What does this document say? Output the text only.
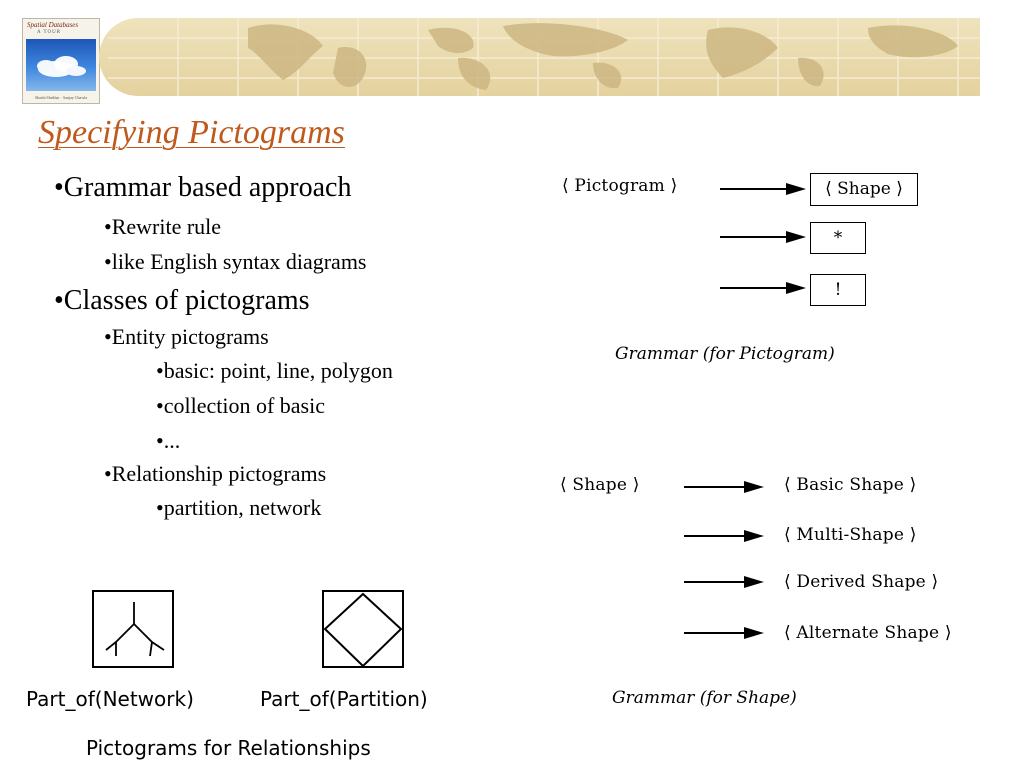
Spatial Databases
A TOUR
Shashi Shekhar · Sanjay Chawla
Specifying Pictograms
•Grammar based approach
•Rewrite rule
•like English syntax diagrams
•Classes of pictograms
•Entity pictograms
•basic: point, line, polygon
•collection of basic
•...
•Relationship pictograms
•partition, network
⟨ Pictogram ⟩	⟨ Shape ⟩
*
!
Grammar (for Pictogram)
⟨ Shape ⟩	⟨ Basic Shape ⟩
⟨ Multi-Shape ⟩
⟨ Derived Shape ⟩
⟨ Alternate Shape ⟩
Grammar (for Shape)
Part_of(Network)	Part_of(Partition)
Pictograms for Relationships
